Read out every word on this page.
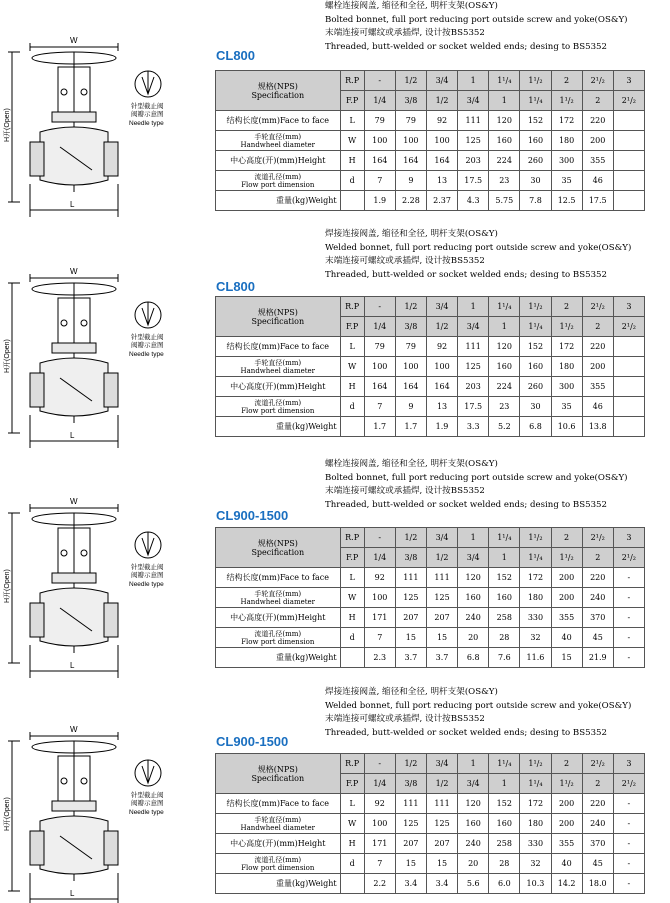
W
L
H开(Open)
针型截止阀
阀瓣示意图
Needle type
螺栓连接阀盖, 缩径和全径, 明杆支架(OS&Y)
Bolted bonnet, full port reducing port outside screw and yoke(OS&Y)
末端连接可螺纹或承插焊, 设计按BS5352
Threaded, butt-welded or socket welded ends; desing to BS5352
CL800
规格(NPS)
Specification	R.P	-	1/2	3/4	1	1¹/₄	1¹/₂	2	2¹/₂	3
	F.P	1/4	3/8	1/2	3/4	1	1¹/₄	1¹/₂	2	2¹/₂
结构长度(mm)Face to face	L	79	79	92	111	120	152	172	220	

手轮直径(mm)
Handwheel diameter	W	100	100	100	125	160	160	180	200	
中心高度(开)(mm)Height	H	164	164	164	203	224	260	300	355	

流道孔径(mm)
Flow port dimension	d	7	9	13	17.5	23	30	35	46	
重量(kg)Weight		1.9	2.28	2.37	4.3	5.75	7.8	12.5	17.5	
W
L
H开(Open)
针型截止阀
阀瓣示意图
Needle type
焊接连接阀盖, 缩径和全径, 明杆支架(OS&Y)
Welded bonnet, full port reducing port outside screw and yoke(OS&Y)
末端连接可螺纹或承插焊, 设计按BS5352
Threaded, butt-welded or socket welded ends; desing to BS5352
CL800
规格(NPS)
Specification	R.P	-	1/2	3/4	1	1¹/₄	1¹/₂	2	2¹/₂	3
	F.P	1/4	3/8	1/2	3/4	1	1¹/₄	1¹/₂	2	2¹/₂
结构长度(mm)Face to face	L	79	79	92	111	120	152	172	220	

手轮直径(mm)
Handwheel diameter	W	100	100	100	125	160	160	180	200	
中心高度(开)(mm)Height	H	164	164	164	203	224	260	300	355	

流道孔径(mm)
Flow port dimension	d	7	9	13	17.5	23	30	35	46	
重量(kg)Weight		1.7	1.7	1.9	3.3	5.2	6.8	10.6	13.8	
W
L
H开(Open)
针型截止阀
阀瓣示意图
Needle type
螺栓连接阀盖, 缩径和全径, 明杆支架(OS&Y)
Bolted bonnet, full port reducing port outside screw and yoke(OS&Y)
末端连接可螺纹或承插焊, 设计按BS5352
Threaded, butt-welded or socket welded ends; desing to BS5352
CL900-1500
规格(NPS)
Specification	R.P	-	1/2	3/4	1	1¹/₄	1¹/₂	2	2¹/₂	3
	F.P	1/4	3/8	1/2	3/4	1	1¹/₄	1¹/₂	2	2¹/₂
结构长度(mm)Face to face	L	92	111	111	120	152	172	200	220	-

手轮直径(mm)
Handwheel diameter	W	100	125	125	160	160	180	200	240	-
中心高度(开)(mm)Height	H	171	207	207	240	258	330	355	370	-

流道孔径(mm)
Flow port dimension	d	7	15	15	20	28	32	40	45	-
重量(kg)Weight		2.3	3.7	3.7	6.8	7.6	11.6	15	21.9	-
W
L
H开(Open)
针型截止阀
阀瓣示意图
Needle type
焊接连接阀盖, 缩径和全径, 明杆支架(OS&Y)
Welded bonnet, full port reducing port outside screw and yoke(OS&Y)
末端连接可螺纹或承插焊, 设计按BS5352
Threaded, butt-welded or socket welded ends; desing to BS5352
CL900-1500
规格(NPS)
Specification	R.P	-	1/2	3/4	1	1¹/₄	1¹/₂	2	2¹/₂	3
	F.P	1/4	3/8	1/2	3/4	1	1¹/₄	1¹/₂	2	2¹/₂
结构长度(mm)Face to face	L	92	111	111	120	152	172	200	220	-

手轮直径(mm)
Handwheel diameter	W	100	125	125	160	160	180	200	240	-
中心高度(开)(mm)Height	H	171	207	207	240	258	330	355	370	-

流道孔径(mm)
Flow port dimension	d	7	15	15	20	28	32	40	45	-
重量(kg)Weight		2.2	3.4	3.4	5.6	6.0	10.3	14.2	18.0	-
